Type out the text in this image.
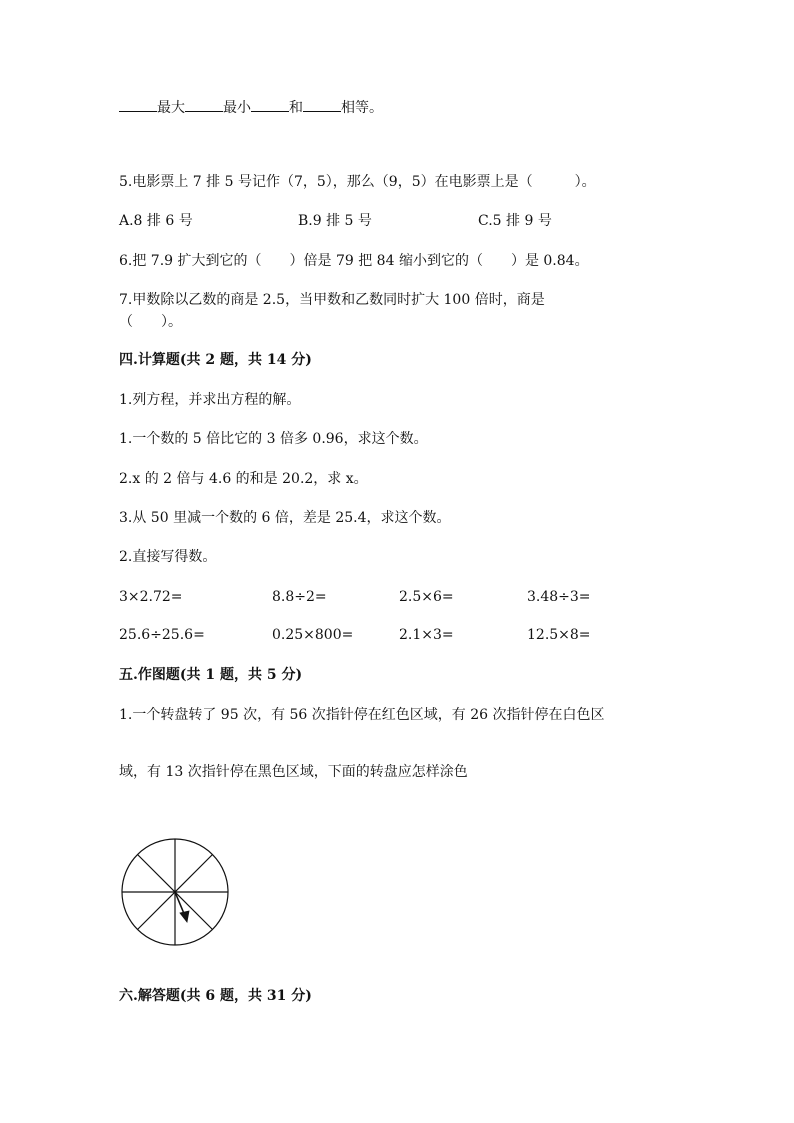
最大	最小	和	相等。
5.电影票上 7 排 5 号记作（7，5），那么（9，5）在电影票上是（　　　）。
A.8 排 6 号	B.9 排 5 号	C.5 排 9 号
6.把 7.9 扩大到它的（　　）倍是 79 把 84 缩小到它的（　　）是 0.84。
7.甲数除以乙数的商是 2.5，当甲数和乙数同时扩大 100 倍时，商是
（　　）。
四.计算题(共 2 题，共 14 分)
1.列方程，并求出方程的解。
1.一个数的 5 倍比它的 3 倍多 0.96，求这个数。
2.x 的 2 倍与 4.6 的和是 20.2，求 x。
3.从 50 里减一个数的 6 倍，差是 25.4，求这个数。
2.直接写得数。
3×2.72=	8.8÷2=	2.5×6=	3.48÷3=
25.6÷25.6=	0.25×800=	2.1×3=	12.5×8=
五.作图题(共 1 题，共 5 分)
1.一个转盘转了 95 次，有 56 次指针停在红色区域，有 26 次指针停在白色区
域，有 13 次指针停在黑色区域，下面的转盘应怎样涂色
六.解答题(共 6 题，共 31 分)
